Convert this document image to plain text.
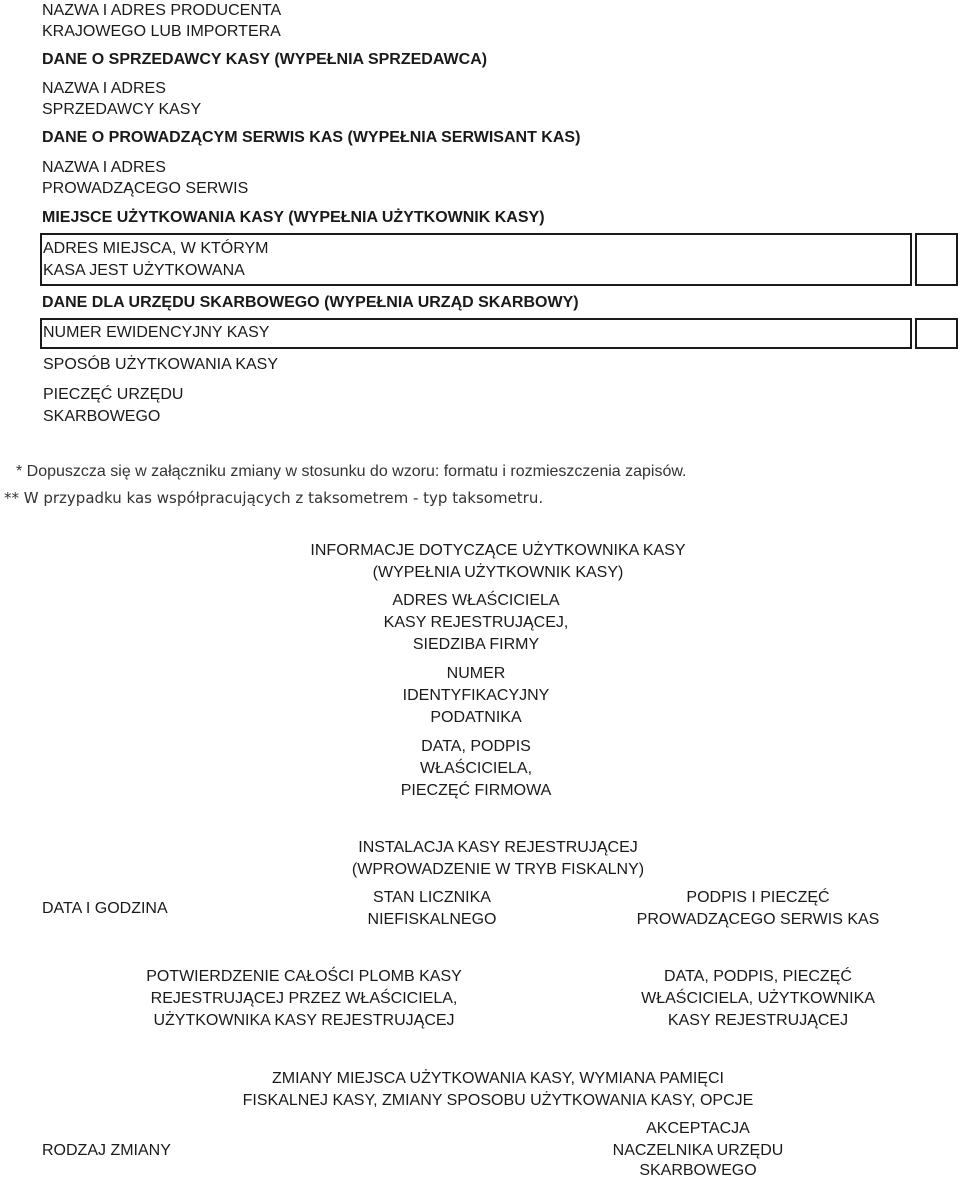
NAZWA I ADRES PRODUCENTA
KRAJOWEGO LUB IMPORTERA
DANE O SPRZEDAWCY KASY (WYPEŁNIA SPRZEDAWCA)
NAZWA I ADRES
SPRZEDAWCY KASY
DANE O PROWADZĄCYM SERWIS KAS (WYPEŁNIA SERWISANT KAS)
NAZWA I ADRES
PROWADZĄCEGO SERWIS
MIEJSCE UŻYTKOWANIA KASY (WYPEŁNIA UŻYTKOWNIK KASY)
ADRES MIEJSCA, W KTÓRYM
KASA JEST UŻYTKOWANA
DANE DLA URZĘDU SKARBOWEGO (WYPEŁNIA URZĄD SKARBOWY)
NUMER EWIDENCYJNY KASY
SPOSÓB UŻYTKOWANIA KASY
PIECZĘĆ URZĘDU
SKARBOWEGO
* Dopuszcza się w załączniku zmiany w stosunku do wzoru: formatu i rozmieszczenia zapisów.
** W przypadku kas współpracujących z taksometrem - typ taksometru.
INFORMACJE DOTYCZĄCE UŻYTKOWNIKA KASY
(WYPEŁNIA UŻYTKOWNIK KASY)
ADRES WŁAŚCICIELA
KASY REJESTRUJĄCEJ,
SIEDZIBA FIRMY
NUMER
IDENTYFIKACYJNY
PODATNIKA
DATA, PODPIS
WŁAŚCICIELA,
PIECZĘĆ FIRMOWA
INSTALACJA KASY REJESTRUJĄCEJ
(WPROWADZENIE W TRYB FISKALNY)
DATA I GODZINA
STAN LICZNIKA
NIEFISKALNEGO
PODPIS I PIECZĘĆ
PROWADZĄCEGO SERWIS KAS
POTWIERDZENIE CAŁOŚCI PLOMB KASY
REJESTRUJĄCEJ PRZEZ WŁAŚCICIELA,
UŻYTKOWNIKA KASY REJESTRUJĄCEJ
DATA, PODPIS, PIECZĘĆ
WŁAŚCICIELA, UŻYTKOWNIKA
KASY REJESTRUJĄCEJ
ZMIANY MIEJSCA UŻYTKOWANIA KASY, WYMIANA PAMIĘCI
FISKALNEJ KASY, ZMIANY SPOSOBU UŻYTKOWANIA KASY, OPCJE
RODZAJ ZMIANY
AKCEPTACJA
NACZELNIKA URZĘDU
SKARBOWEGO
